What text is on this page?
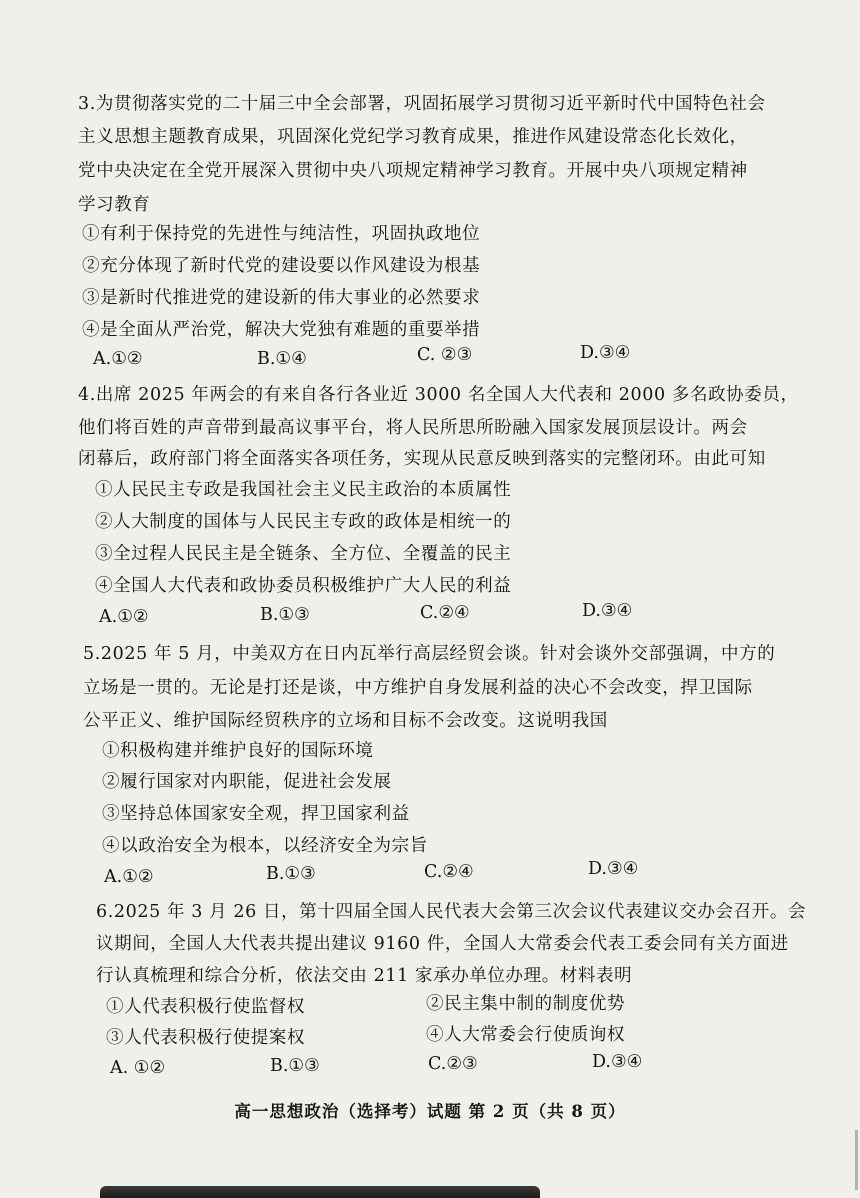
3.为贯彻落实党的二十届三中全会部署，巩固拓展学习贯彻习近平新时代中国特色社会
主义思想主题教育成果，巩固深化党纪学习教育成果，推进作风建设常态化长效化，
党中央决定在全党开展深入贯彻中央八项规定精神学习教育。开展中央八项规定精神
学习教育
①有利于保持党的先进性与纯洁性，巩固执政地位
②充分体现了新时代党的建设要以作风建设为根基
③是新时代推进党的建设新的伟大事业的必然要求
④是全面从严治党，解决大党独有难题的重要举措
A.①②	B.①④	C. ②③	D.③④
4.出席 2025 年两会的有来自各行各业近 3000 名全国人大代表和 2000 多名政协委员，
他们将百姓的声音带到最高议事平台，将人民所思所盼融入国家发展顶层设计。两会
闭幕后，政府部门将全面落实各项任务，实现从民意反映到落实的完整闭环。由此可知
①人民民主专政是我国社会主义民主政治的本质属性
②人大制度的国体与人民民主专政的政体是相统一的
③全过程人民民主是全链条、全方位、全覆盖的民主
④全国人大代表和政协委员积极维护广大人民的利益
A.①②	B.①③	C.②④	D.③④
5.2025 年 5 月，中美双方在日内瓦举行高层经贸会谈。针对会谈外交部强调，中方的
立场是一贯的。无论是打还是谈，中方维护自身发展利益的决心不会改变，捍卫国际
公平正义、维护国际经贸秩序的立场和目标不会改变。这说明我国
①积极构建并维护良好的国际环境
②履行国家对内职能，促进社会发展
③坚持总体国家安全观，捍卫国家利益
④以政治安全为根本，以经济安全为宗旨
A.①②	B.①③	C.②④	D.③④
6.2025 年 3 月 26 日，第十四届全国人民代表大会第三次会议代表建议交办会召开。会
议期间，全国人大代表共提出建议 9160 件，全国人大常委会代表工委会同有关方面进
行认真梳理和综合分析，依法交由 211 家承办单位办理。材料表明
①人代表积极行使监督权	②民主集中制的制度优势
③人代表积极行使提案权	④人大常委会行使质询权
A. ①②	B.①③	C.②③	D.③④
高一思想政治（选择考）试题 第 2 页（共 8 页）
